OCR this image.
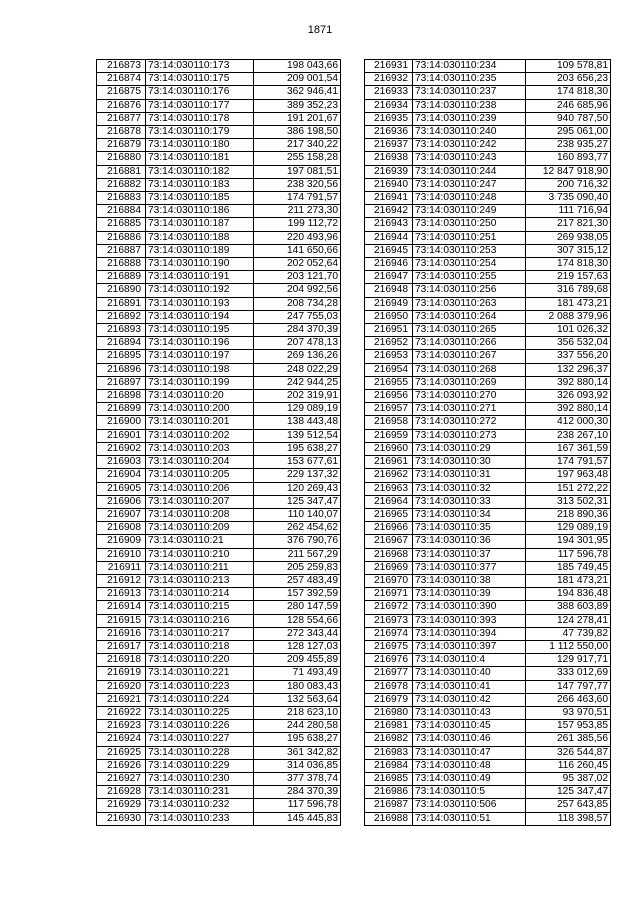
1871
216873	73:14:030110:173	198 043,66
216874	73:14:030110:175	209 001,54
216875	73:14:030110:176	362 946,41
216876	73:14:030110:177	389 352,23
216877	73:14:030110:178	191 201,67
216878	73:14:030110:179	386 198,50
216879	73:14:030110:180	217 340,22
216880	73:14:030110:181	255 158,28
216881	73:14:030110:182	197 081,51
216882	73:14:030110:183	238 320,56
216883	73:14:030110:185	174 791,57
216884	73:14:030110:186	211 273,30
216885	73:14:030110:187	199 112,72
216886	73:14:030110:188	220 493,96
216887	73:14:030110:189	141 650,66
216888	73:14:030110:190	202 052,64
216889	73:14:030110:191	203 121,70
216890	73:14:030110:192	204 992,56
216891	73:14:030110:193	208 734,28
216892	73:14:030110:194	247 755,03
216893	73:14:030110:195	284 370,39
216894	73:14:030110:196	207 478,13
216895	73:14:030110:197	269 136,26
216896	73:14:030110:198	248 022,29
216897	73:14:030110:199	242 944,25
216898	73:14:030110:20	202 319,91
216899	73:14:030110:200	129 089,19
216900	73:14:030110:201	138 443,48
216901	73:14:030110:202	139 512,54
216902	73:14:030110:203	195 638,27
216903	73:14:030110:204	153 677,61
216904	73:14:030110:205	229 137,32
216905	73:14:030110:206	120 269,43
216906	73:14:030110:207	125 347,47
216907	73:14:030110:208	110 140,07
216908	73:14:030110:209	262 454,62
216909	73:14:030110:21	376 790,76
216910	73:14:030110:210	211 567,29
216911	73:14:030110:211	205 259,83
216912	73:14:030110:213	257 483,49
216913	73:14:030110:214	157 392,59
216914	73:14:030110:215	280 147,59
216915	73:14:030110:216	128 554,66
216916	73:14:030110:217	272 343,44
216917	73:14:030110:218	128 127,03
216918	73:14:030110:220	209 455,89
216919	73:14:030110:221	71 493,49
216920	73:14:030110:223	180 083,43
216921	73:14:030110:224	132 563,64
216922	73:14:030110:225	218 623,10
216923	73:14:030110:226	244 280,58
216924	73:14:030110:227	195 638,27
216925	73:14:030110:228	361 342,82
216926	73:14:030110:229	314 036,85
216927	73:14:030110:230	377 378,74
216928	73:14:030110:231	284 370,39
216929	73:14:030110:232	117 596,78
216930	73:14:030110:233	145 445,83
216931	73:14:030110:234	109 578,81
216932	73:14:030110:235	203 656,23
216933	73:14:030110:237	174 818,30
216934	73:14:030110:238	246 685,96
216935	73:14:030110:239	940 787,50
216936	73:14:030110:240	295 061,00
216937	73:14:030110:242	238 935,27
216938	73:14:030110:243	160 893,77
216939	73:14:030110:244	12 847 918,90
216940	73:14:030110:247	200 716,32
216941	73:14:030110:248	3 735 090,40
216942	73:14:030110:249	111 716,94
216943	73:14:030110:250	217 821,30
216944	73:14:030110:251	269 938,05
216945	73:14:030110:253	307 315,12
216946	73:14:030110:254	174 818,30
216947	73:14:030110:255	219 157,63
216948	73:14:030110:256	316 789,68
216949	73:14:030110:263	181 473,21
216950	73:14:030110:264	2 088 379,96
216951	73:14:030110:265	101 026,32
216952	73:14:030110:266	356 532,04
216953	73:14:030110:267	337 556,20
216954	73:14:030110:268	132 296,37
216955	73:14:030110:269	392 880,14
216956	73:14:030110:270	326 093,92
216957	73:14:030110:271	392 880,14
216958	73:14:030110:272	412 000,30
216959	73:14:030110:273	238 267,10
216960	73:14:030110:29	167 361,59
216961	73:14:030110:30	174 791,57
216962	73:14:030110:31	197 963,48
216963	73:14:030110:32	151 272,22
216964	73:14:030110:33	313 502,31
216965	73:14:030110:34	218 890,36
216966	73:14:030110:35	129 089,19
216967	73:14:030110:36	194 301,95
216968	73:14:030110:37	117 596,78
216969	73:14:030110:377	185 749,45
216970	73:14:030110:38	181 473,21
216971	73:14:030110:39	194 836,48
216972	73:14:030110:390	388 603,89
216973	73:14:030110:393	124 278,41
216974	73:14:030110:394	47 739,82
216975	73:14:030110:397	1 112 550,00
216976	73:14:030110:4	129 917,71
216977	73:14:030110:40	333 012,69
216978	73:14:030110:41	147 797,77
216979	73:14:030110:42	266 463,60
216980	73:14:030110:43	93 970,51
216981	73:14:030110:45	157 953,85
216982	73:14:030110:46	261 385,56
216983	73:14:030110:47	326 544,87
216984	73:14:030110:48	116 260,45
216985	73:14:030110:49	95 387,02
216986	73:14:030110:5	125 347,47
216987	73:14:030110:506	257 643,85
216988	73:14:030110:51	118 398,57
